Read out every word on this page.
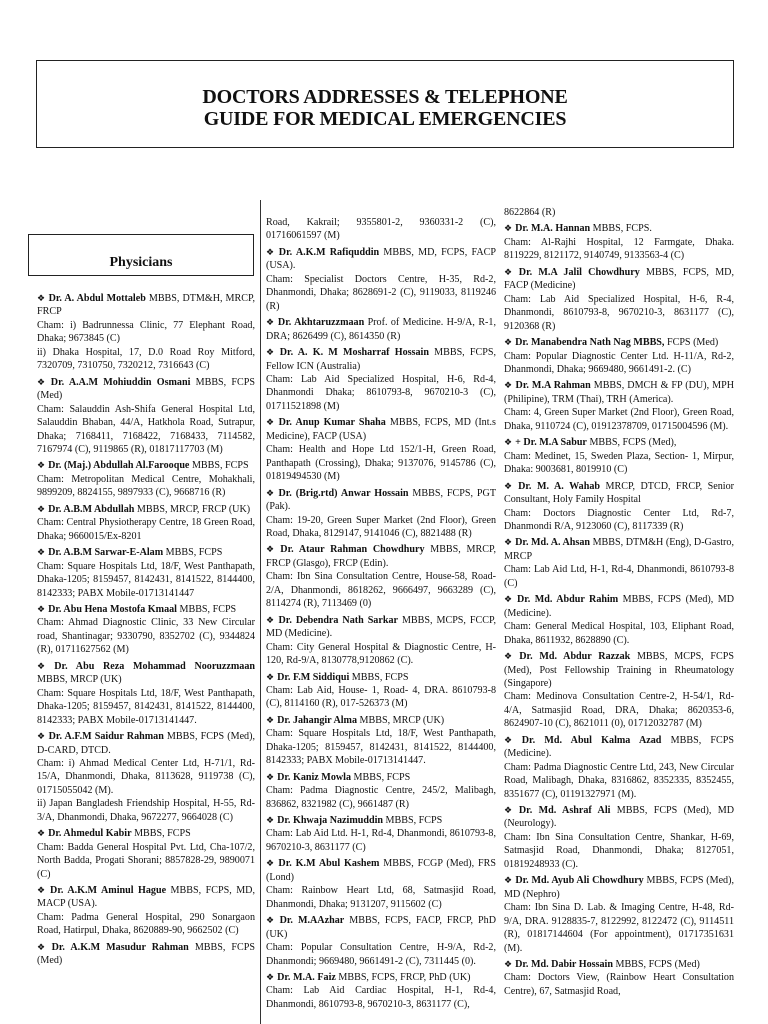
DOCTORS ADDRESSES & TELEPHONE
GUIDE FOR MEDICAL EMERGENCIES
Physicians
❖ Dr. A. Abdul Mottaleb MBBS, DTM&H, MRCP, FRCP
Cham: i) Badrunnessa Clinic, 77 Elephant Road, Dhaka; 9673845 (C)
ii) Dhaka Hospital, 17, D.0 Road Roy Mitford, 7320709, 7310750, 7320212, 7316643 (C)
❖ Dr. A.A.M Mohiuddin Osmani MBBS, FCPS (Med)
Cham: Salauddin Ash-Shifa General Hospital Ltd, Salauddin Bhaban, 44/A, Hatkhola Road, Sutrapur, Dhaka; 7168411, 7168422, 7168433, 7114582, 7167974 (C), 9119865 (R), 01817117703 (M)
❖ Dr. (Maj.) Abdullah Al.Farooque MBBS, FCPS
Cham: Metropolitan Medical Centre, Mohakhali, 9899209, 8824155, 9897933 (C), 9668716 (R)
❖ Dr. A.B.M Abdullah MBBS, MRCP, FRCP (UK)
Cham: Central Physiotherapy Centre, 18 Green Road, Dhaka; 9660015/Ex-8201
❖ Dr. A.B.M Sarwar-E-Alam MBBS, FCPS
Cham: Square Hospitals Ltd, 18/F, West Panthapath, Dhaka-1205; 8159457, 8142431, 8141522, 8144400, 8142333; PABX Mobile-01713141447
❖ Dr. Abu Hena Mostofa Kmaal MBBS, FCPS
Cham: Ahmad Diagnostic Clinic, 33 New Circular road, Shantinagar; 9330790, 8352702 (C), 9344824 (R), 01711627562 (M)
❖ Dr. Abu Reza Mohammad Nooruzzmaan MBBS, MRCP (UK)
Cham: Square Hospitals Ltd, 18/F, West Panthapath, Dhaka-1205; 8159457, 8142431, 8141522, 8144400, 8142333; PABX Mobile-01713141447.
❖ Dr. A.F.M Saidur Rahman MBBS, FCPS (Med), D-CARD, DTCD.
Cham: i) Ahmad Medical Center Ltd, H-71/1, Rd-15/A, Dhanmondi, Dhaka, 8113628, 9119738 (C), 01715055042 (M).
ii) Japan Bangladesh Friendship Hospital, H-55, Rd-3/A, Dhanmondi, Dhaka, 9672277, 9664028 (C)
❖ Dr. Ahmedul Kabir MBBS, FCPS
Cham: Badda General Hospital Pvt. Ltd, Cha-107/2, North Badda, Progati Shorani; 8857828-29, 9890071 (C)
❖ Dr. A.K.M Aminul Hague MBBS, FCPS, MD, MACP (USA).
Cham: Padma General Hospital, 290 Sonargaon Road, Hatirpul, Dhaka, 8620889-90, 9662502 (C)
❖ Dr. A.K.M Masudur Rahman MBBS, FCPS (Med)
Road, Kakrail; 9355801-2, 9360331-2 (C), 01716061597 (M)
❖ Dr. A.K.M Rafiquddin MBBS, MD, FCPS, FACP (USA).
Cham: Specialist Doctors Centre, H-35, Rd-2, Dhanmondi, Dhaka; 8628691-2 (C), 9119033, 8119246 (R)
❖ Dr. Akhtaruzzmaan Prof. of Medicine. H-9/A, R-1, DRA; 8626499 (C), 8614350 (R)
❖ Dr. A. K. M Mosharraf Hossain MBBS, FCPS, Fellow ICN (Australia)
Cham: Lab Aid Specialized Hospital, H-6, Rd-4, Dhanmondi Dhaka; 8610793-8, 9670210-3 (C), 01711521898 (M)
❖ Dr. Anup Kumar Shaha MBBS, FCPS, MD (Int.s Medicine), FACP (USA)
Cham: Health and Hope Ltd 152/1-H, Green Road, Panthapath (Crossing), Dhaka; 9137076, 9145786 (C), 01819494530 (M)
❖ Dr. (Brig.rtd) Anwar Hossain MBBS, FCPS, PGT (Pak).
Cham: 19-20, Green Super Market (2nd Floor), Green Road, Dhaka, 8129147, 9141046 (C), 8821488 (R)
❖ Dr. Ataur Rahman Chowdhury MBBS, MRCP, FRCP (Glasgo), FRCP (Edin).
Cham: Ibn Sina Consultation Centre, House-58, Road-2/A, Dhanmondi, 8618262, 9666497, 9663289 (C), 8114274 (R), 7113469 (0)
❖ Dr. Debendra Nath Sarkar MBBS, MCPS, FCCP, MD (Medicine).
Cham: City General Hospital & Diagnostic Centre, H-120, Rd-9/A, 8130778,9120862 (C).
❖ Dr. F.M Siddiqui MBBS, FCPS
Cham: Lab Aid, House- 1, Road- 4, DRA. 8610793-8 (C), 8114160 (R), 017-526373 (M)
❖ Dr. Jahangir Alma MBBS, MRCP (UK)
Cham: Square Hospitals Ltd, 18/F, West Panthapath, Dhaka-1205; 8159457, 8142431, 8141522, 8144400, 8142333; PABX Mobile-01713141447.
❖ Dr. Kaniz Mowla MBBS, FCPS
Cham: Padma Diagnostic Centre, 245/2, Malibagh, 836862, 8321982 (C), 9661487 (R)
❖ Dr. Khwaja Nazimuddin MBBS, FCPS
Cham: Lab Aid Ltd. H-1, Rd-4, Dhanmondi, 8610793-8, 9670210-3, 8631177 (C)
❖ Dr. K.M Abul Kashem MBBS, FCGP (Med), FRS (Lond)
Cham: Rainbow Heart Ltd, 68, Satmasjid Road, Dhanmondi, Dhaka; 9131207, 9115602 (C)
❖ Dr. M.AAzhar MBBS, FCPS, FACP, FRCP, PhD (UK)
Cham: Popular Consultation Centre, H-9/A, Rd-2, Dhanmondi; 9669480, 9661491-2 (C), 7311445 (0).
❖ Dr. M.A. Faiz MBBS, FCPS, FRCP, PhD (UK)
Cham: Lab Aid Cardiac Hospital, H-1, Rd-4, Dhanmondi, 8610793-8, 9670210-3, 8631177 (C),
8622864 (R)
❖ Dr. M.A. Hannan MBBS, FCPS.
Cham: Al-Rajhi Hospital, 12 Farmgate, Dhaka. 8119229, 8121172, 9140749, 9133563-4 (C)
❖ Dr. M.A Jalil Chowdhury MBBS, FCPS, MD, FACP (Medicine)
Cham: Lab Aid Specialized Hospital, H-6, R-4, Dhanmondi, 8610793-8, 9670210-3, 8631177 (C), 9120368 (R)
❖ Dr. Manabendra Nath Nag MBBS, FCPS (Med)
Cham: Popular Diagnostic Center Ltd. H-11/A, Rd-2, Dhanmondi, Dhaka; 9669480, 9661491-2. (C)
❖ Dr. M.A Rahman MBBS, DMCH & FP (DU), MPH (Philipine), TRM (Thai), TRH (America).
Cham: 4, Green Super Market (2nd Floor), Green Road, Dhaka, 9110724 (C), 01912378709, 01715004596 (M).
❖ + Dr. M.A Sabur MBBS, FCPS (Med),
Cham: Medinet, 15, Sweden Plaza, Section- 1, Mirpur, Dhaka: 9003681, 8019910 (C)
❖ Dr. M. A. Wahab MRCP, DTCD, FRCP, Senior Consultant, Holy Family Hospital
Cham: Doctors Diagnostic Center Ltd, Rd-7, Dhanmondi R/A, 9123060 (C), 8117339 (R)
❖ Dr. Md. A. Ahsan MBBS, DTM&H (Eng), D-Gastro, MRCP
Cham: Lab Aid Ltd, H-1, Rd-4, Dhanmondi, 8610793-8 (C)
❖ Dr. Md. Abdur Rahim MBBS, FCPS (Med), MD (Medicine).
Cham: General Medical Hospital, 103, Eliphant Road, Dhaka, 8611932, 8628890 (C).
❖ Dr. Md. Abdur Razzak MBBS, MCPS, FCPS (Med), Post Fellowship Training in Rheumatology (Singapore)
Cham: Medinova Consultation Centre-2, H-54/1, Rd-4/A, Satmasjid Road, DRA, Dhaka; 8620353-6, 8624907-10 (C), 8621011 (0), 01712032787 (M)
❖ Dr. Md. Abul Kalma Azad MBBS, FCPS (Medicine).
Cham: Padma Diagnostic Centre Ltd, 243, New Circular Road, Malibagh, Dhaka, 8316862, 8352335, 8352455, 8351677 (C), 01191327971 (M).
❖ Dr. Md. Ashraf Ali MBBS, FCPS (Med), MD (Neurology).
Cham: Ibn Sina Consultation Centre, Shankar, H-69, Satmasjid Road, Dhanmondi, Dhaka; 8127051, 01819248933 (C).
❖ Dr. Md. Ayub Ali Chowdhury MBBS, FCPS (Med), MD (Nephro)
Cham: Ibn Sina D. Lab. & Imaging Centre, H-48, Rd-9/A, DRA. 9128835-7, 8122992, 8122472 (C), 9114511 (R), 01817144604 (For appointment), 01717351631 (M).
❖ Dr. Md. Dabir Hossain MBBS, FCPS (Med)
Cham: Doctors View, (Rainbow Heart Consultation Centre), 67, Satmasjid Road,
